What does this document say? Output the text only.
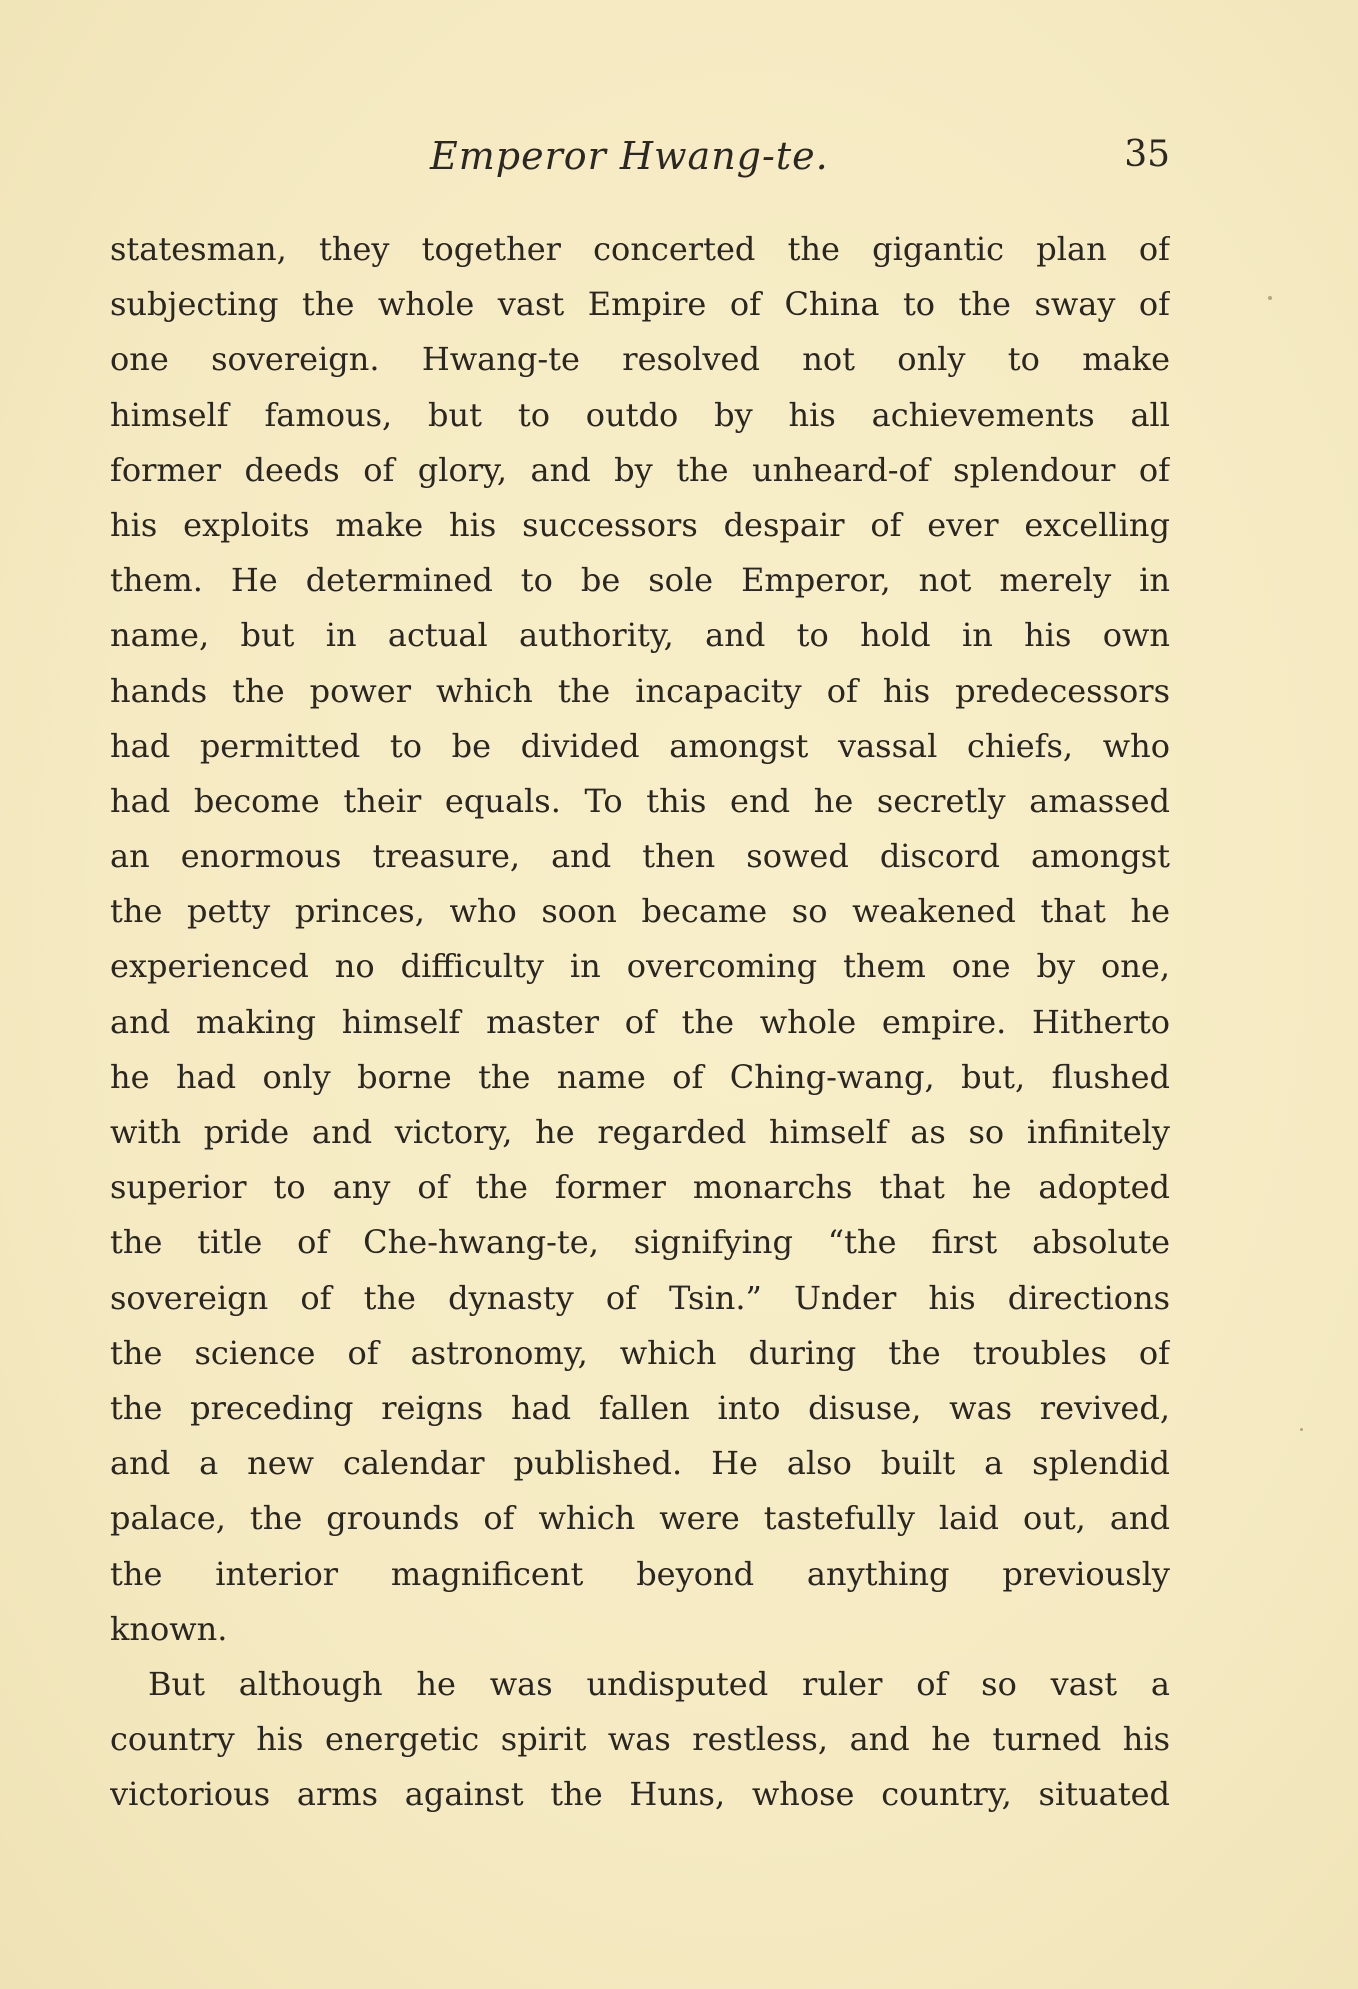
Emperor Hwang-te.	35
statesman, they together concerted the gigantic plan of
subjecting the whole vast Empire of China to the sway of
one sovereign. Hwang-te resolved not only to make
himself famous, but to outdo by his achievements all
former deeds of glory, and by the unheard-of splendour of
his exploits make his successors despair of ever excelling
them. He determined to be sole Emperor, not merely in
name, but in actual authority, and to hold in his own
hands the power which the incapacity of his predecessors
had permitted to be divided amongst vassal chiefs, who
had become their equals. To this end he secretly amassed
an enormous treasure, and then sowed discord amongst
the petty princes, who soon became so weakened that he
experienced no difficulty in overcoming them one by one,
and making himself master of the whole empire. Hitherto
he had only borne the name of Ching-wang, but, flushed
with pride and victory, he regarded himself as so infinitely
superior to any of the former monarchs that he adopted
the title of Che-hwang-te, signifying “the first absolute
sovereign of the dynasty of Tsin.” Under his directions
the science of astronomy, which during the troubles of
the preceding reigns had fallen into disuse, was revived,
and a new calendar published. He also built a splendid
palace, the grounds of which were tastefully laid out, and
the interior magnificent beyond anything previously
known.
But although he was undisputed ruler of so vast a
country his energetic spirit was restless, and he turned his
victorious arms against the Huns, whose country, situated
